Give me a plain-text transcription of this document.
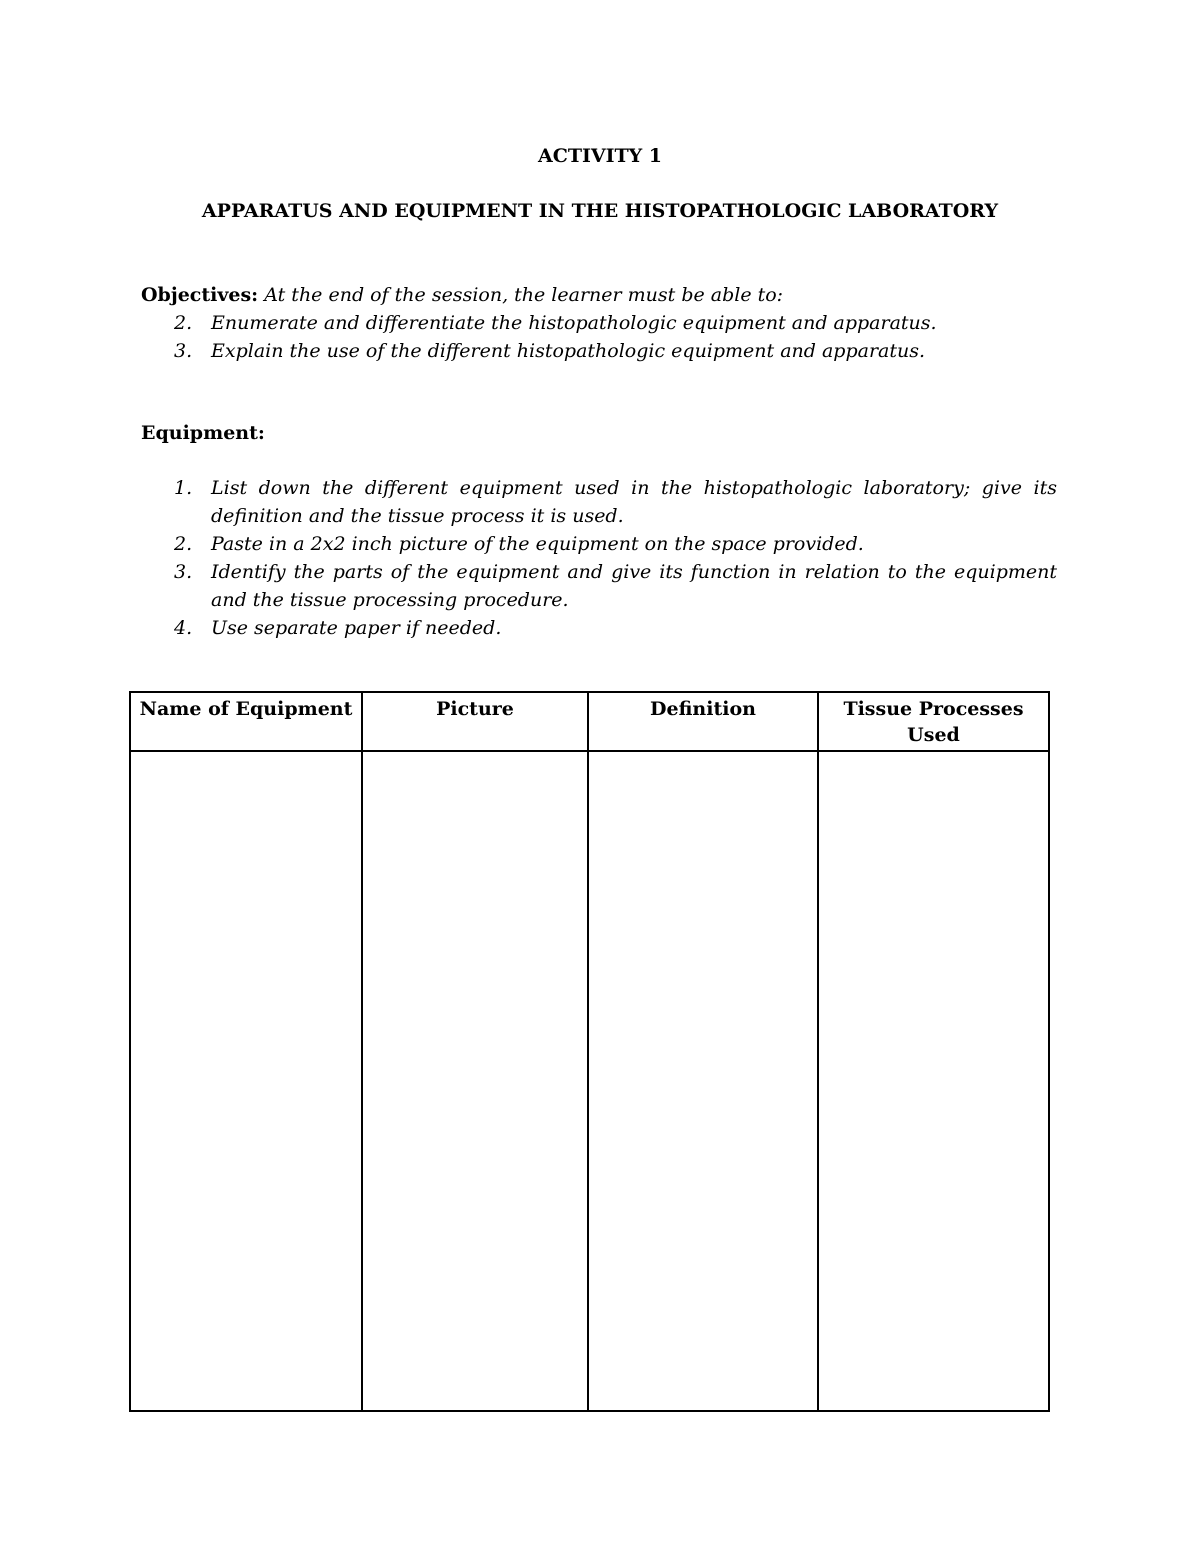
ACTIVITY 1
APPARATUS AND EQUIPMENT IN THE HISTOPATHOLOGIC LABORATORY
Objectives: At the end of the session, the learner must be able to:
2. Enumerate and differentiate the histopathologic equipment and apparatus.
3. Explain the use of the different histopathologic equipment and apparatus.
Equipment:
1. List down the different equipment used in the histopathologic laboratory; give its definition and the tissue process it is used.
2. Paste in a 2x2 inch picture of the equipment on the space provided.
3. Identify the parts of the equipment and give its function in relation to the equipment and the tissue processing procedure.
4. Use separate paper if needed.
Name of Equipment	Picture	Definition	Tissue Processes Used
